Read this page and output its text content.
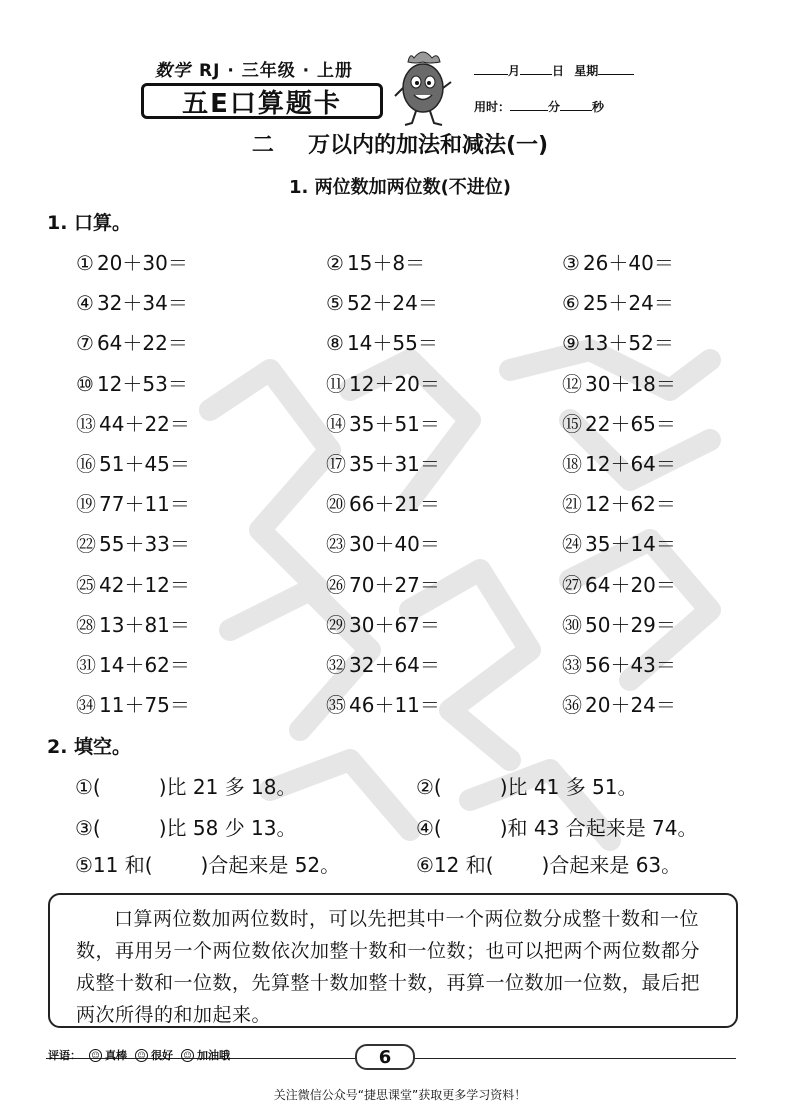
数学 RJ · 三年级 · 上册
五E口算题卡
月	日 星期
用时：	分	秒
二 万以内的加法和减法(一)
1. 两位数加两位数(不进位)
1. 口算。
① 20＋30＝	② 15＋8＝	③ 26＋40＝
④ 32＋34＝	⑤ 52＋24＝	⑥ 25＋24＝
⑦ 64＋22＝	⑧ 14＋55＝	⑨ 13＋52＝
⑩ 12＋53＝	⑪ 12＋20＝	⑫ 30＋18＝
⑬ 44＋22＝	⑭ 35＋51＝	⑮ 22＋65＝
⑯ 51＋45＝	⑰ 35＋31＝	⑱ 12＋64＝
⑲ 77＋11＝	⑳ 66＋21＝	㉑ 12＋62＝
㉒ 55＋33＝	㉓ 30＋40＝	㉔ 35＋14＝
㉕ 42＋12＝	㉖ 70＋27＝	㉗ 64＋20＝
㉘ 13＋81＝	㉙ 30＋67＝	㉚ 50＋29＝
㉛ 14＋62＝	㉜ 32＋64＝	㉝ 56＋43＝
㉞ 11＋75＝	㉟ 46＋11＝	㊱ 20＋24＝
2. 填空。
①(	)比 21 多 18。	②(	)比 41 多 51。
③(	)比 58 少 13。	④(	)和 43 合起来是 74。
⑤11 和( )合起来是 52。	⑥12 和( )合起来是 63。
口算两位数加两位数时，可以先把其中一个两位数分成整十数和一位数，再用另一个两位数依次加整十数和一位数；也可以把两个两位数都分成整十数和一位数，先算整十数加整十数，再算一位数加一位数，最后把两次所得的和加起来。
评语： ☺ 真棒 ☺ 很好 ☺ 加油哦	6
关注微信公众号“捷思课堂”获取更多学习资料！
